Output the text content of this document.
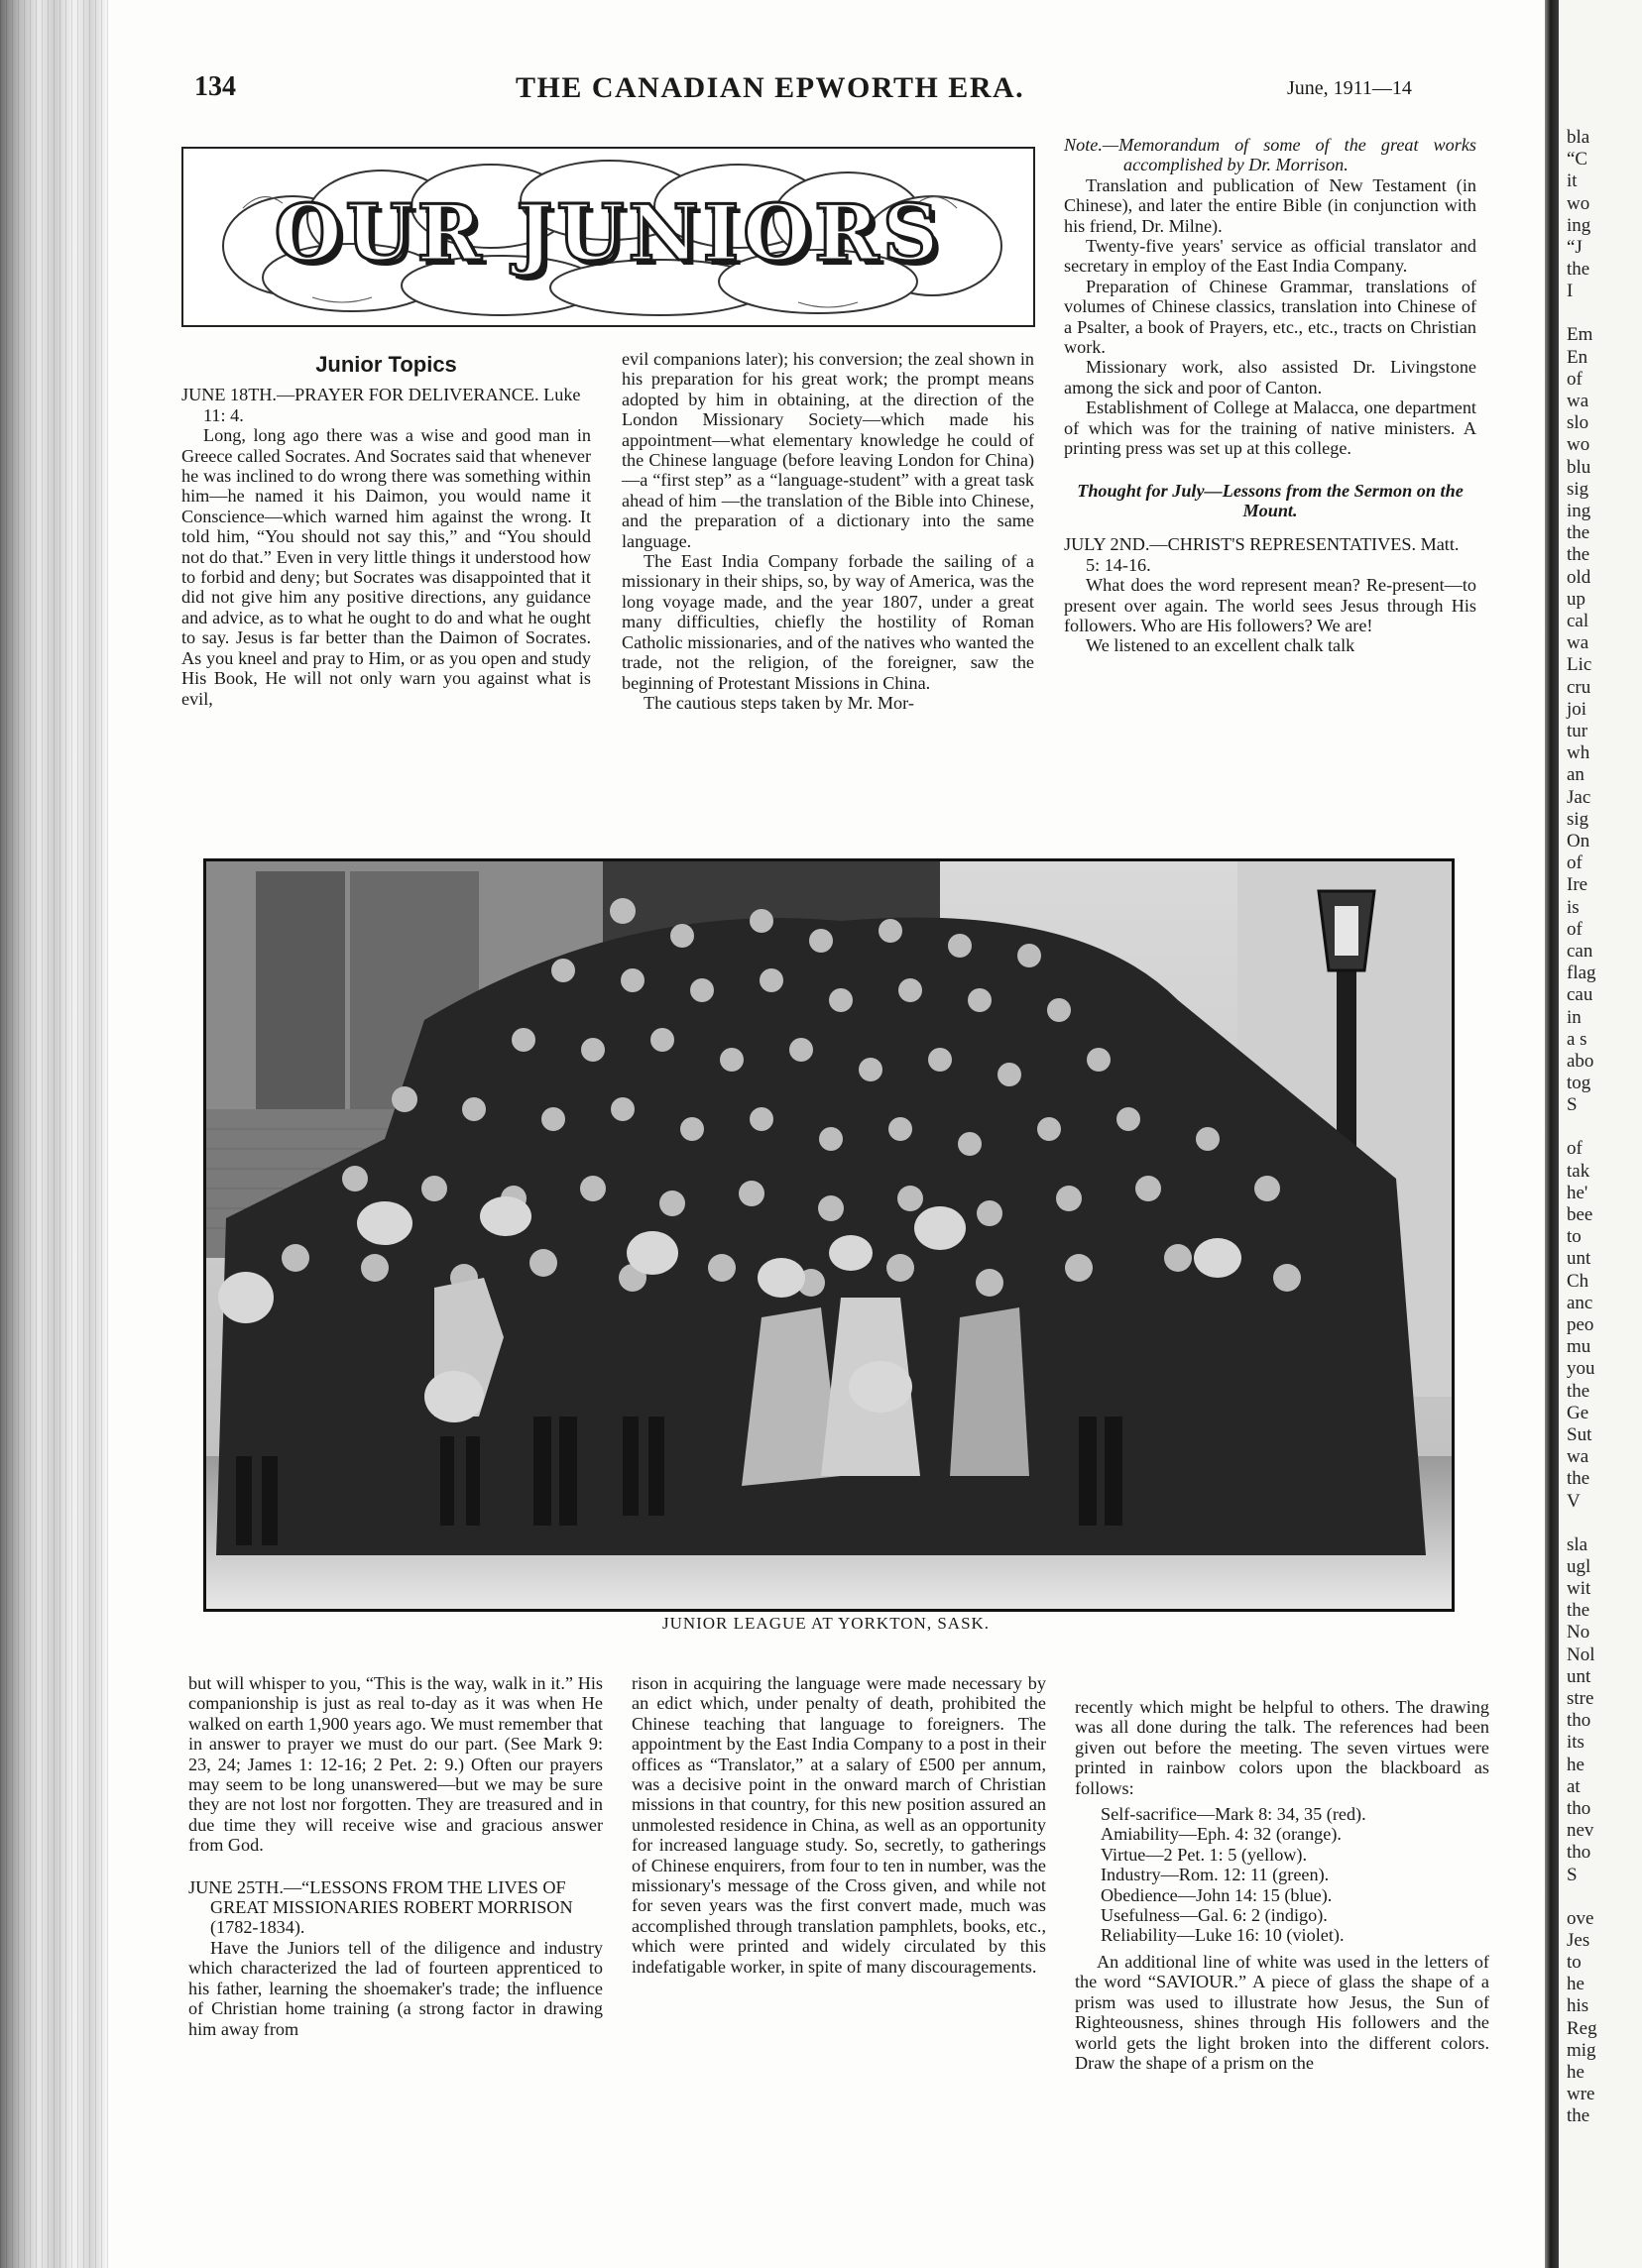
134	THE CANADIAN EPWORTH ERA.	June, 1911—14
OUR JUNIORS
Junior Topics

JUNE 18TH.—PRAYER FOR DELIVERANCE. Luke 11: 4.

Long, long ago there was a wise and good man in Greece called Socrates. And Socrates said that whenever he was inclined to do wrong there was something within him—he named it his Daimon, you would name it Conscience—which warned him against the wrong. It told him, “You should not say this,” and “You should not do that.” Even in very little things it understood how to forbid and deny; but Socrates was disappointed that it did not give him any positive directions, any guidance and advice, as to what he ought to do and what he ought to say. Jesus is far better than the Daimon of Socrates. As you kneel and pray to Him, or as you open and study His Book, He will not only warn you against what is evil,

evil companions later); his conversion; the zeal shown in his preparation for his great work; the prompt means adopted by him in obtaining, at the direction of the London Missionary Society—which made his appointment—what elementary knowledge he could of the Chinese language (before leaving London for China)—a “first step” as a “language-student” with a great task ahead of him —the translation of the Bible into Chinese, and the preparation of a dictionary into the same language.

The East India Company forbade the sailing of a missionary in their ships, so, by way of America, was the long voyage made, and the year 1807, under a great many difficulties, chiefly the hostility of Roman Catholic missionaries, and of the natives who wanted the trade, not the religion, of the foreigner, saw the beginning of Protestant Missions in China.

The cautious steps taken by Mr. Mor-

Note.—Memorandum of some of the great works accomplished by Dr. Morrison.

Translation and publication of New Testament (in Chinese), and later the entire Bible (in conjunction with his friend, Dr. Milne).

Twenty-five years' service as official translator and secretary in employ of the East India Company.

Preparation of Chinese Grammar, translations of volumes of Chinese classics, translation into Chinese of a Psalter, a book of Prayers, etc., etc., tracts on Christian work.

Missionary work, also assisted Dr. Livingstone among the sick and poor of Canton.

Establishment of College at Malacca, one department of which was for the training of native ministers. A printing press was set up at this college.

Thought for July—Lessons from the Sermon on the Mount.

JULY 2ND.—CHRIST'S REPRESENTATIVES. Matt. 5: 14-16.

What does the word represent mean? Re-present—to present over again. The world sees Jesus through His followers. Who are His followers? We are!

We listened to an excellent chalk talk

JUNIOR LEAGUE AT YORKTON, SASK.

but will whisper to you, “This is the way, walk in it.” His companionship is just as real to-day as it was when He walked on earth 1,900 years ago. We must remember that in answer to prayer we must do our part. (See Mark 9: 23, 24; James 1: 12-16; 2 Pet. 2: 9.) Often our prayers may seem to be long unanswered—but we may be sure they are not lost nor forgotten. They are treasured and in due time they will receive wise and gracious answer from God.

JUNE 25TH.—“LESSONS FROM THE LIVES OF GREAT MISSIONARIES ROBERT MORRISON (1782-1834).

Have the Juniors tell of the diligence and industry which characterized the lad of fourteen apprenticed to his father, learning the shoemaker's trade; the influence of Christian home training (a strong factor in drawing him away from

rison in acquiring the language were made necessary by an edict which, under penalty of death, prohibited the Chinese teaching that language to foreigners. The appointment by the East India Company to a post in their offices as “Translator,” at a salary of £500 per annum, was a decisive point in the onward march of Christian missions in that country, for this new position assured an unmolested residence in China, as well as an opportunity for increased language study. So, secretly, to gatherings of Chinese enquirers, from four to ten in number, was the missionary's message of the Cross given, and while not for seven years was the first convert made, much was accomplished through translation pamphlets, books, etc., which were printed and widely circulated by this indefatigable worker, in spite of many discouragements.

recently which might be helpful to others. The drawing was all done during the talk. The references had been given out before the meeting. The seven virtues were printed in rainbow colors upon the blackboard as follows:

Self-sacrifice—Mark 8: 34, 35 (red).
Amiability—Eph. 4: 32 (orange).
Virtue—2 Pet. 1: 5 (yellow).
Industry—Rom. 12: 11 (green).
Obedience—John 14: 15 (blue).
Usefulness—Gal. 6: 2 (indigo).
Reliability—Luke 16: 10 (violet).

An additional line of white was used in the letters of the word “SAVIOUR.” A piece of glass the shape of a prism was used to illustrate how Jesus, the Sun of Righteousness, shines through His followers and the world gets the light broken into the different colors. Draw the shape of a prism on the

bla
“C
it
wo
ing
“J
the
I
Em
En
of
wa
slo
wo
blu
sig
ing
the
the
old
up
cal
wa
Lic
cru
joi
tur
wh
an
Jac
sig
On
of
Ire
is
of
can
flag
cau
in
a s
abo
tog
S
of
tak
he'
bee
to
unt
Ch
anc
peo
mu
you
the
Ge
Sut
wa
the
V
sla
ugl
wit
the
No
Nol
unt
stre
tho
its
he
at
tho
nev
tho
S
ove
Jes
to
he
his
Reg
mig
he
wre
the
